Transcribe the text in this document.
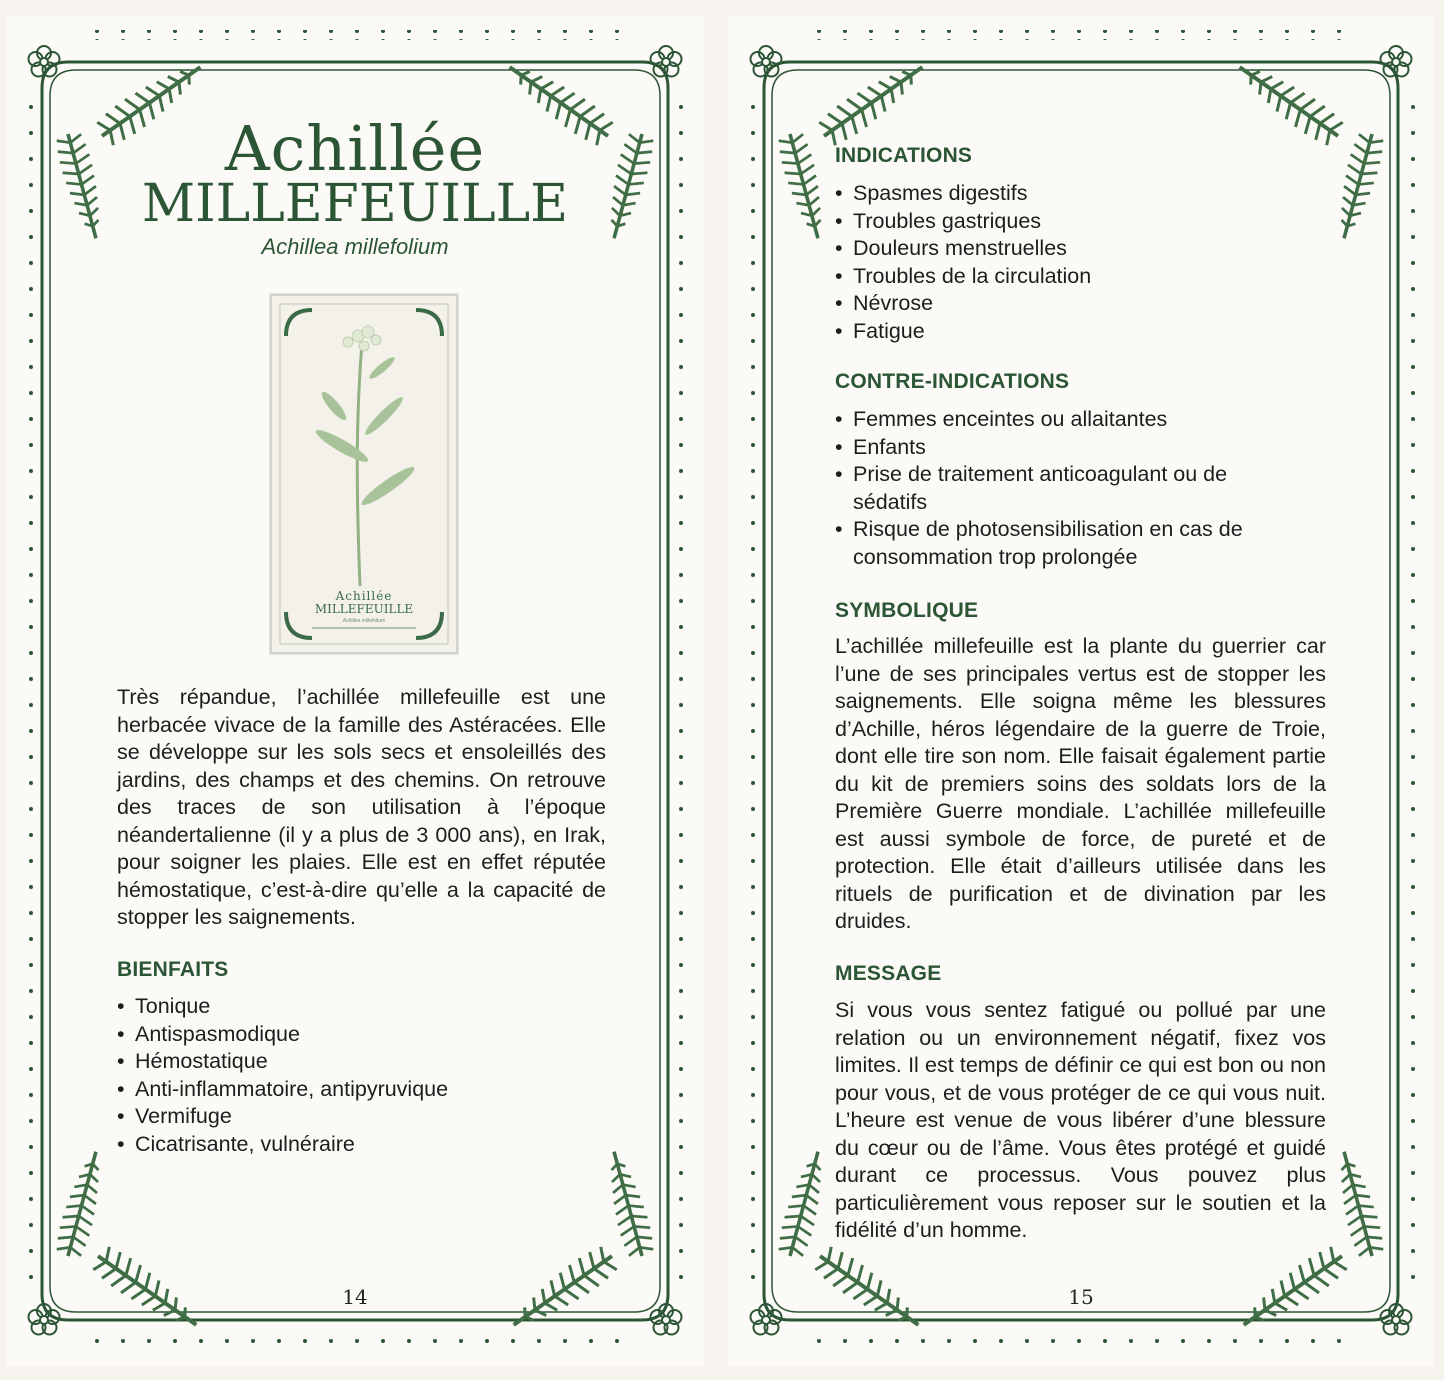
Achillée
MILLEFEUILLE
Achillea millefolium
Achillée
MILLEFEUILLE
Achillea millefolium

Très répandue, l’achillée millefeuille est une herbacée vivace de la famille des Astéracées. Elle se développe sur les sols secs et ensoleillés des jardins, des champs et des chemins. On retrouve des traces de son utilisation à l’époque néandertalienne (il y a plus de 3 000 ans), en Irak, pour soigner les plaies. Elle est en effet réputée hémostatique, c’est-à-dire qu’elle a la capacité de stopper les saignements.

BIENFAITS
• Tonique
• Antispasmodique
• Hémostatique
• Anti-inflammatoire, antipyruvique
• Vermifuge
• Cicatrisante, vulnéraire
14
INDICATIONS
• Spasmes digestifs
• Troubles gastriques
• Douleurs menstruelles
• Troubles de la circulation
• Névrose
• Fatigue
CONTRE-INDICATIONS
• Femmes enceintes ou allaitantes
• Enfants
• Prise de traitement anticoagulant ou de sédatifs
• Risque de photosensibilisation en cas de consommation trop prolongée
SYMBOLIQUE

L’achillée millefeuille est la plante du guerrier car l’une de ses principales vertus est de stopper les saignements. Elle soigna même les blessures d’Achille, héros légendaire de la guerre de Troie, dont elle tire son nom. Elle faisait également partie du kit de premiers soins des soldats lors de la Première Guerre mondiale. L’achillée millefeuille est aussi symbole de force, de pureté et de protection. Elle était d’ailleurs utilisée dans les rituels de purification et de divination par les druides.

MESSAGE

Si vous vous sentez fatigué ou pollué par une relation ou un environnement négatif, fixez vos limites. Il est temps de définir ce qui est bon ou non pour vous, et de vous protéger de ce qui vous nuit. L’heure est venue de vous libérer d’une blessure du cœur ou de l’âme. Vous êtes protégé et guidé durant ce processus. Vous pouvez plus particulièrement vous reposer sur le soutien et la fidélité d’un homme.

15
